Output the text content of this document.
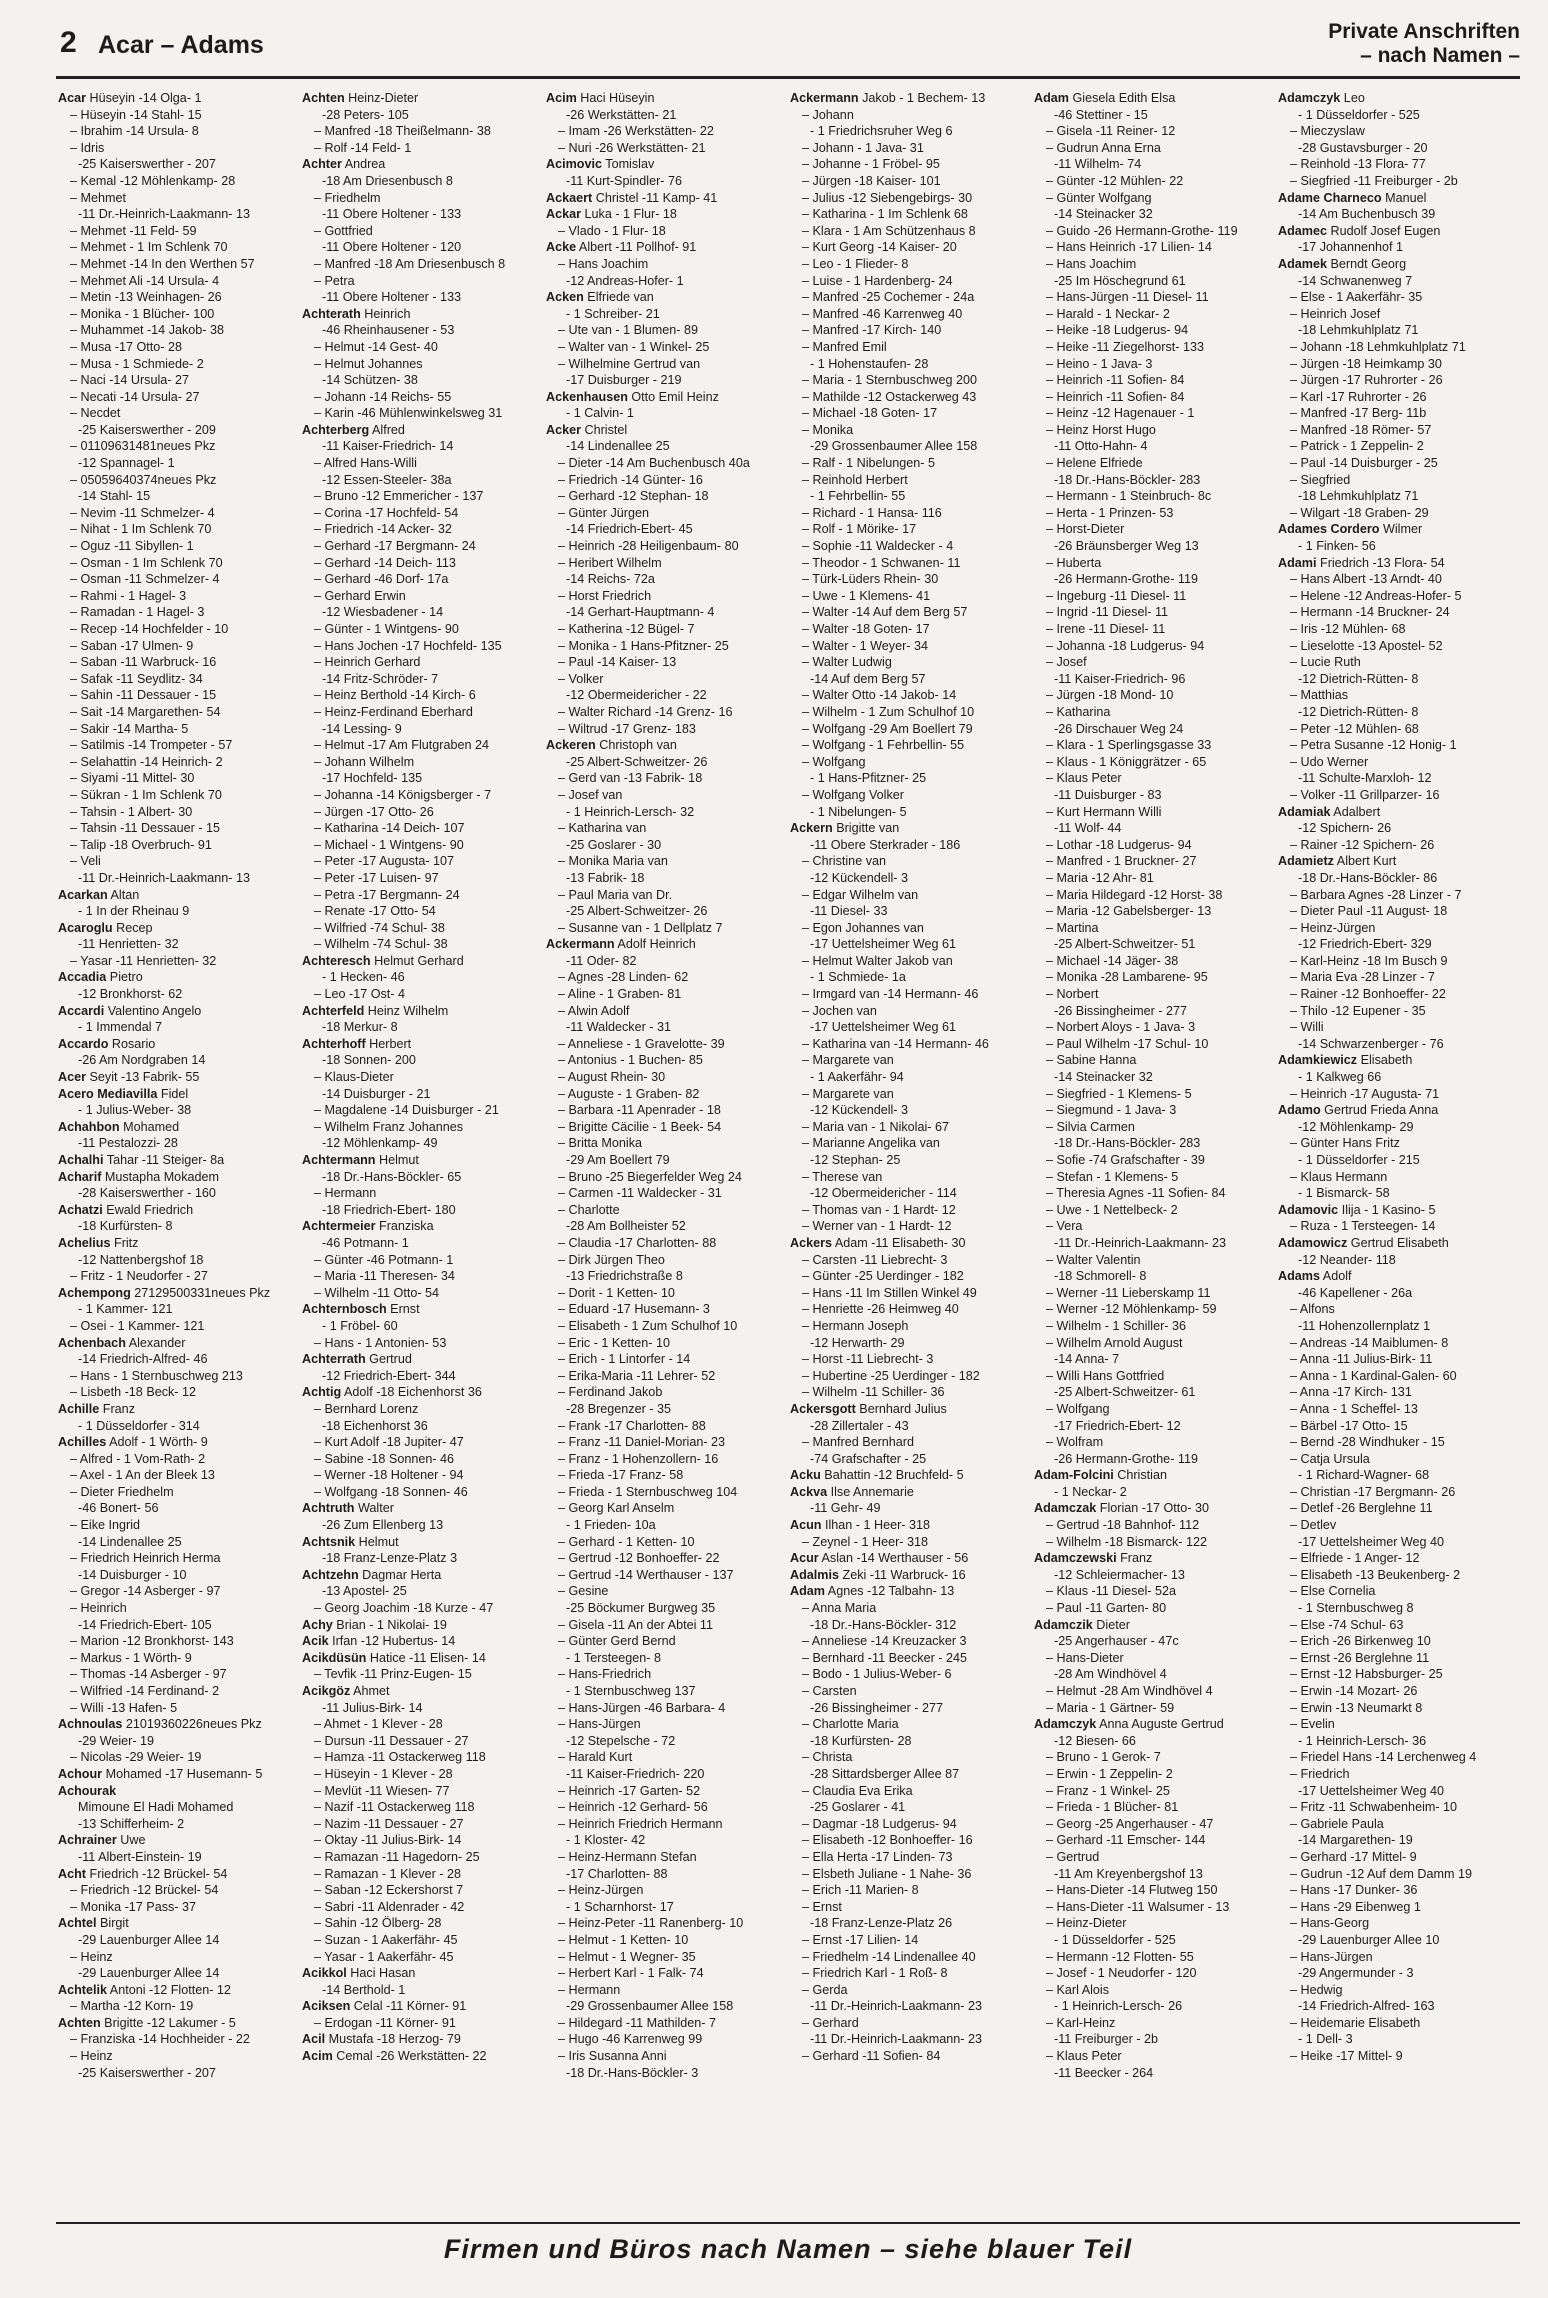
2 Acar – Adams	Private Anschriften
– nach Namen –
Acar Hüseyin -14 Olga- 1
– Hüseyin -14 Stahl- 15
– Ibrahim -14 Ursula- 8
– Idris
-25 Kaiserswerther - 207
– Kemal -12 Möhlenkamp- 28
– Mehmet
-11 Dr.-Heinrich-Laakmann- 13
– Mehmet -11 Feld- 59
– Mehmet - 1 Im Schlenk 70
– Mehmet -14 In den Werthen 57
– Mehmet Ali -14 Ursula- 4
– Metin -13 Weinhagen- 26
– Monika - 1 Blücher- 100
– Muhammet -14 Jakob- 38
– Musa -17 Otto- 28
– Musa - 1 Schmiede- 2
– Naci -14 Ursula- 27
– Necati -14 Ursula- 27
– Necdet
-25 Kaiserswerther - 209
– 01109631481neues Pkz
-12 Spannagel- 1
– 05059640374neues Pkz
-14 Stahl- 15
– Nevim -11 Schmelzer- 4
– Nihat - 1 Im Schlenk 70
– Oguz -11 Sibyllen- 1
– Osman - 1 Im Schlenk 70
– Osman -11 Schmelzer- 4
– Rahmi - 1 Hagel- 3
– Ramadan - 1 Hagel- 3
– Recep -14 Hochfelder - 10
– Saban -17 Ulmen- 9
– Saban -11 Warbruck- 16
– Safak -11 Seydlitz- 34
– Sahin -11 Dessauer - 15
– Sait -14 Margarethen- 54
– Sakir -14 Martha- 5
– Satilmis -14 Trompeter - 57
– Selahattin -14 Heinrich- 2
– Siyami -11 Mittel- 30
– Sükran - 1 Im Schlenk 70
– Tahsin - 1 Albert- 30
– Tahsin -11 Dessauer - 15
– Talip -18 Overbruch- 91
– Veli
-11 Dr.-Heinrich-Laakmann- 13
Acarkan Altan
- 1 In der Rheinau 9
Acaroglu Recep
-11 Henrietten- 32
– Yasar -11 Henrietten- 32
Accadia Pietro
-12 Bronkhorst- 62
Accardi Valentino Angelo
- 1 Immendal 7
Accardo Rosario
-26 Am Nordgraben 14
Acer Seyit -13 Fabrik- 55
Acero Mediavilla Fidel
- 1 Julius-Weber- 38
Achahbon Mohamed
-11 Pestalozzi- 28
Achalhi Tahar -11 Steiger- 8a
Acharif Mustapha Mokadem
-28 Kaiserswerther - 160
Achatzi Ewald Friedrich
-18 Kurfürsten- 8
Achelius Fritz
-12 Nattenbergshof 18
– Fritz - 1 Neudorfer - 27
Achempong 27129500331neues Pkz
- 1 Kammer- 121
– Osei - 1 Kammer- 121
Achenbach Alexander
-14 Friedrich-Alfred- 46
– Hans - 1 Sternbuschweg 213
– Lisbeth -18 Beck- 12
Achille Franz
- 1 Düsseldorfer - 314
Achilles Adolf - 1 Wörth- 9
– Alfred - 1 Vom-Rath- 2
– Axel - 1 An der Bleek 13
– Dieter Friedhelm
-46 Bonert- 56
– Eike Ingrid
-14 Lindenallee 25
– Friedrich Heinrich Herma
-14 Duisburger - 10
– Gregor -14 Asberger - 97
– Heinrich
-14 Friedrich-Ebert- 105
– Marion -12 Bronkhorst- 143
– Markus - 1 Wörth- 9
– Thomas -14 Asberger - 97
– Wilfried -14 Ferdinand- 2
– Willi -13 Hafen- 5
Achnoulas 21019360226neues Pkz
-29 Weier- 19
– Nicolas -29 Weier- 19
Achour Mohamed -17 Husemann- 5
Achourak
Mimoune El Hadi Mohamed
-13 Schifferheim- 2
Achrainer Uwe
-11 Albert-Einstein- 19
Acht Friedrich -12 Brückel- 54
– Friedrich -12 Brückel- 54
– Monika -17 Pass- 37
Achtel Birgit
-29 Lauenburger Allee 14
– Heinz
-29 Lauenburger Allee 14
Achtelik Antoni -12 Flotten- 12
– Martha -12 Korn- 19
Achten Brigitte -12 Lakumer - 5
– Franziska -14 Hochheider - 22
– Heinz
-25 Kaiserswerther - 207
Achten Heinz-Dieter
-28 Peters- 105
– Manfred -18 Theißelmann- 38
– Rolf -14 Feld- 1
Achter Andrea
-18 Am Driesenbusch 8
– Friedhelm
-11 Obere Holtener - 133
– Gottfried
-11 Obere Holtener - 120
– Manfred -18 Am Driesenbusch 8
– Petra
-11 Obere Holtener - 133
Achterath Heinrich
-46 Rheinhausener - 53
– Helmut -14 Gest- 40
– Helmut Johannes
-14 Schützen- 38
– Johann -14 Reichs- 55
– Karin -46 Mühlenwinkelsweg 31
Achterberg Alfred
-11 Kaiser-Friedrich- 14
– Alfred Hans-Willi
-12 Essen-Steeler- 38a
– Bruno -12 Emmericher - 137
– Corina -17 Hochfeld- 54
– Friedrich -14 Acker- 32
– Gerhard -17 Bergmann- 24
– Gerhard -14 Deich- 113
– Gerhard -46 Dorf- 17a
– Gerhard Erwin
-12 Wiesbadener - 14
– Günter - 1 Wintgens- 90
– Hans Jochen -17 Hochfeld- 135
– Heinrich Gerhard
-14 Fritz-Schröder- 7
– Heinz Berthold -14 Kirch- 6
– Heinz-Ferdinand Eberhard
-14 Lessing- 9
– Helmut -17 Am Flutgraben 24
– Johann Wilhelm
-17 Hochfeld- 135
– Johanna -14 Königsberger - 7
– Jürgen -17 Otto- 26
– Katharina -14 Deich- 107
– Michael - 1 Wintgens- 90
– Peter -17 Augusta- 107
– Peter -17 Luisen- 97
– Petra -17 Bergmann- 24
– Renate -17 Otto- 54
– Wilfried -74 Schul- 38
– Wilhelm -74 Schul- 38
Achteresch Helmut Gerhard
- 1 Hecken- 46
– Leo -17 Ost- 4
Achterfeld Heinz Wilhelm
-18 Merkur- 8
Achterhoff Herbert
-18 Sonnen- 200
– Klaus-Dieter
-14 Duisburger - 21
– Magdalene -14 Duisburger - 21
– Wilhelm Franz Johannes
-12 Möhlenkamp- 49
Achtermann Helmut
-18 Dr.-Hans-Böckler- 65
– Hermann
-18 Friedrich-Ebert- 180
Achtermeier Franziska
-46 Potmann- 1
– Günter -46 Potmann- 1
– Maria -11 Theresen- 34
– Wilhelm -11 Otto- 54
Achternbosch Ernst
- 1 Fröbel- 60
– Hans - 1 Antonien- 53
Achterrath Gertrud
-12 Friedrich-Ebert- 344
Achtig Adolf -18 Eichenhorst 36
– Bernhard Lorenz
-18 Eichenhorst 36
– Kurt Adolf -18 Jupiter- 47
– Sabine -18 Sonnen- 46
– Werner -18 Holtener - 94
– Wolfgang -18 Sonnen- 46
Achtruth Walter
-26 Zum Ellenberg 13
Achtsnik Helmut
-18 Franz-Lenze-Platz 3
Achtzehn Dagmar Herta
-13 Apostel- 25
– Georg Joachim -18 Kurze - 47
Achy Brian - 1 Nikolai- 19
Acik Irfan -12 Hubertus- 14
Acikdüsün Hatice -11 Elisen- 14
– Tevfik -11 Prinz-Eugen- 15
Acikgöz Ahmet
-11 Julius-Birk- 14
– Ahmet - 1 Klever - 28
– Dursun -11 Dessauer - 27
– Hamza -11 Ostackerweg 118
– Hüseyin - 1 Klever - 28
– Mevlüt -11 Wiesen- 77
– Nazif -11 Ostackerweg 118
– Nazim -11 Dessauer - 27
– Oktay -11 Julius-Birk- 14
– Ramazan -11 Hagedorn- 25
– Ramazan - 1 Klever - 28
– Saban -12 Eckershorst 7
– Sabri -11 Aldenrader - 42
– Sahin -12 Ölberg- 28
– Suzan - 1 Aakerfähr- 45
– Yasar - 1 Aakerfähr- 45
Acikkol Haci Hasan
-14 Berthold- 1
Aciksen Celal -11 Körner- 91
– Erdogan -11 Körner- 91
Acil Mustafa -18 Herzog- 79
Acim Cemal -26 Werkstätten- 22
Acim Haci Hüseyin
-26 Werkstätten- 21
– Imam -26 Werkstätten- 22
– Nuri -26 Werkstätten- 21
Acimovic Tomislav
-11 Kurt-Spindler- 76
Ackaert Christel -11 Kamp- 41
Ackar Luka - 1 Flur- 18
– Vlado - 1 Flur- 18
Acke Albert -11 Pollhof- 91
– Hans Joachim
-12 Andreas-Hofer- 1
Acken Elfriede van
- 1 Schreiber- 21
– Ute van - 1 Blumen- 89
– Walter van - 1 Winkel- 25
– Wilhelmine Gertrud van
-17 Duisburger - 219
Ackenhausen Otto Emil Heinz
- 1 Calvin- 1
Acker Christel
-14 Lindenallee 25
– Dieter -14 Am Buchenbusch 40a
– Friedrich -14 Günter- 16
– Gerhard -12 Stephan- 18
– Günter Jürgen
-14 Friedrich-Ebert- 45
– Heinrich -28 Heiligenbaum- 80
– Heribert Wilhelm
-14 Reichs- 72a
– Horst Friedrich
-14 Gerhart-Hauptmann- 4
– Katherina -12 Bügel- 7
– Monika - 1 Hans-Pfitzner- 25
– Paul -14 Kaiser- 13
– Volker
-12 Obermeidericher - 22
– Walter Richard -14 Grenz- 16
– Wiltrud -17 Grenz- 183
Ackeren Christoph van
-25 Albert-Schweitzer- 26
– Gerd van -13 Fabrik- 18
– Josef van
- 1 Heinrich-Lersch- 32
– Katharina van
-25 Goslarer - 30
– Monika Maria van
-13 Fabrik- 18
– Paul Maria van Dr.
-25 Albert-Schweitzer- 26
– Susanne van - 1 Dellplatz 7
Ackermann Adolf Heinrich
-11 Oder- 82
– Agnes -28 Linden- 62
– Aline - 1 Graben- 81
– Alwin Adolf
-11 Waldecker - 31
– Anneliese - 1 Gravelotte- 39
– Antonius - 1 Buchen- 85
– August Rhein- 30
– Auguste - 1 Graben- 82
– Barbara -11 Apenrader - 18
– Brigitte Cäcilie - 1 Beek- 54
– Britta Monika
-29 Am Boellert 79
– Bruno -25 Biegerfelder Weg 24
– Carmen -11 Waldecker - 31
– Charlotte
-28 Am Bollheister 52
– Claudia -17 Charlotten- 88
– Dirk Jürgen Theo
-13 Friedrichstraße 8
– Dorit - 1 Ketten- 10
– Eduard -17 Husemann- 3
– Elisabeth - 1 Zum Schulhof 10
– Eric - 1 Ketten- 10
– Erich - 1 Lintorfer - 14
– Erika-Maria -11 Lehrer- 52
– Ferdinand Jakob
-28 Bregenzer - 35
– Frank -17 Charlotten- 88
– Franz -11 Daniel-Morian- 23
– Franz - 1 Hohenzollern- 16
– Frieda -17 Franz- 58
– Frieda - 1 Sternbuschweg 104
– Georg Karl Anselm
- 1 Frieden- 10a
– Gerhard - 1 Ketten- 10
– Gertrud -12 Bonhoeffer- 22
– Gertrud -14 Werthauser - 137
– Gesine
-25 Böckumer Burgweg 35
– Gisela -11 An der Abtei 11
– Günter Gerd Bernd
- 1 Tersteegen- 8
– Hans-Friedrich
- 1 Sternbuschweg 137
– Hans-Jürgen -46 Barbara- 4
– Hans-Jürgen
-12 Stepelsche - 72
– Harald Kurt
-11 Kaiser-Friedrich- 220
– Heinrich -17 Garten- 52
– Heinrich -12 Gerhard- 56
– Heinrich Friedrich Hermann
- 1 Kloster- 42
– Heinz-Hermann Stefan
-17 Charlotten- 88
– Heinz-Jürgen
- 1 Scharnhorst- 17
– Heinz-Peter -11 Ranenberg- 10
– Helmut - 1 Ketten- 10
– Helmut - 1 Wegner- 35
– Herbert Karl - 1 Falk- 74
– Hermann
-29 Grossenbaumer Allee 158
– Hildegard -11 Mathilden- 7
– Hugo -46 Karrenweg 99
– Iris Susanna Anni
-18 Dr.-Hans-Böckler- 3
Ackermann Jakob - 1 Bechem- 13
– Johann
- 1 Friedrichsruher Weg 6
– Johann - 1 Java- 31
– Johanne - 1 Fröbel- 95
– Jürgen -18 Kaiser- 101
– Julius -12 Siebengebirgs- 30
– Katharina - 1 Im Schlenk 68
– Klara - 1 Am Schützenhaus 8
– Kurt Georg -14 Kaiser- 20
– Leo - 1 Flieder- 8
– Luise - 1 Hardenberg- 24
– Manfred -25 Cochemer - 24a
– Manfred -46 Karrenweg 40
– Manfred -17 Kirch- 140
– Manfred Emil
- 1 Hohenstaufen- 28
– Maria - 1 Sternbuschweg 200
– Mathilde -12 Ostackerweg 43
– Michael -18 Goten- 17
– Monika
-29 Grossenbaumer Allee 158
– Ralf - 1 Nibelungen- 5
– Reinhold Herbert
- 1 Fehrbellin- 55
– Richard - 1 Hansa- 116
– Rolf - 1 Mörike- 17
– Sophie -11 Waldecker - 4
– Theodor - 1 Schwanen- 11
– Türk-Lüders Rhein- 30
– Uwe - 1 Klemens- 41
– Walter -14 Auf dem Berg 57
– Walter -18 Goten- 17
– Walter - 1 Weyer- 34
– Walter Ludwig
-14 Auf dem Berg 57
– Walter Otto -14 Jakob- 14
– Wilhelm - 1 Zum Schulhof 10
– Wolfgang -29 Am Boellert 79
– Wolfgang - 1 Fehrbellin- 55
– Wolfgang
- 1 Hans-Pfitzner- 25
– Wolfgang Volker
- 1 Nibelungen- 5
Ackern Brigitte van
-11 Obere Sterkrader - 186
– Christine van
-12 Kückendell- 3
– Edgar Wilhelm van
-11 Diesel- 33
– Egon Johannes van
-17 Uettelsheimer Weg 61
– Helmut Walter Jakob van
- 1 Schmiede- 1a
– Irmgard van -14 Hermann- 46
– Jochen van
-17 Uettelsheimer Weg 61
– Katharina van -14 Hermann- 46
– Margarete van
- 1 Aakerfähr- 94
– Margarete van
-12 Kückendell- 3
– Maria van - 1 Nikolai- 67
– Marianne Angelika van
-12 Stephan- 25
– Therese van
-12 Obermeidericher - 114
– Thomas van - 1 Hardt- 12
– Werner van - 1 Hardt- 12
Ackers Adam -11 Elisabeth- 30
– Carsten -11 Liebrecht- 3
– Günter -25 Uerdinger - 182
– Hans -11 Im Stillen Winkel 49
– Henriette -26 Heimweg 40
– Hermann Joseph
-12 Herwarth- 29
– Horst -11 Liebrecht- 3
– Hubertine -25 Uerdinger - 182
– Wilhelm -11 Schiller- 36
Ackersgott Bernhard Julius
-28 Zillertaler - 43
– Manfred Bernhard
-74 Grafschafter - 25
Acku Bahattin -12 Bruchfeld- 5
Ackva Ilse Annemarie
-11 Gehr- 49
Acun Ilhan - 1 Heer- 318
– Zeynel - 1 Heer- 318
Acur Aslan -14 Werthauser - 56
Adalmis Zeki -11 Warbruck- 16
Adam Agnes -12 Talbahn- 13
– Anna Maria
-18 Dr.-Hans-Böckler- 312
– Anneliese -14 Kreuzacker 3
– Bernhard -11 Beecker - 245
– Bodo - 1 Julius-Weber- 6
– Carsten
-26 Bissingheimer - 277
– Charlotte Maria
-18 Kurfürsten- 28
– Christa
-28 Sittardsberger Allee 87
– Claudia Eva Erika
-25 Goslarer - 41
– Dagmar -18 Ludgerus- 94
– Elisabeth -12 Bonhoeffer- 16
– Ella Herta -17 Linden- 73
– Elsbeth Juliane - 1 Nahe- 36
– Erich -11 Marien- 8
– Ernst
-18 Franz-Lenze-Platz 26
– Ernst -17 Lilien- 14
– Friedhelm -14 Lindenallee 40
– Friedrich Karl - 1 Roß- 8
– Gerda
-11 Dr.-Heinrich-Laakmann- 23
– Gerhard
-11 Dr.-Heinrich-Laakmann- 23
– Gerhard -11 Sofien- 84
Adam Giesela Edith Elsa
-46 Stettiner - 15
– Gisela -11 Reiner- 12
– Gudrun Anna Erna
-11 Wilhelm- 74
– Günter -12 Mühlen- 22
– Günter Wolfgang
-14 Steinacker 32
– Guido -26 Hermann-Grothe- 119
– Hans Heinrich -17 Lilien- 14
– Hans Joachim
-25 Im Höschegrund 61
– Hans-Jürgen -11 Diesel- 11
– Harald - 1 Neckar- 2
– Heike -18 Ludgerus- 94
– Heike -11 Ziegelhorst- 133
– Heino - 1 Java- 3
– Heinrich -11 Sofien- 84
– Heinrich -11 Sofien- 84
– Heinz -12 Hagenauer - 1
– Heinz Horst Hugo
-11 Otto-Hahn- 4
– Helene Elfriede
-18 Dr.-Hans-Böckler- 283
– Hermann - 1 Steinbruch- 8c
– Herta - 1 Prinzen- 53
– Horst-Dieter
-26 Bräunsberger Weg 13
– Huberta
-26 Hermann-Grothe- 119
– Ingeburg -11 Diesel- 11
– Ingrid -11 Diesel- 11
– Irene -11 Diesel- 11
– Johanna -18 Ludgerus- 94
– Josef
-11 Kaiser-Friedrich- 96
– Jürgen -18 Mond- 10
– Katharina
-26 Dirschauer Weg 24
– Klara - 1 Sperlingsgasse 33
– Klaus - 1 Königgrätzer - 65
– Klaus Peter
-11 Duisburger - 83
– Kurt Hermann Willi
-11 Wolf- 44
– Lothar -18 Ludgerus- 94
– Manfred - 1 Bruckner- 27
– Maria -12 Ahr- 81
– Maria Hildegard -12 Horst- 38
– Maria -12 Gabelsberger- 13
– Martina
-25 Albert-Schweitzer- 51
– Michael -14 Jäger- 38
– Monika -28 Lambarene- 95
– Norbert
-26 Bissingheimer - 277
– Norbert Aloys - 1 Java- 3
– Paul Wilhelm -17 Schul- 10
– Sabine Hanna
-14 Steinacker 32
– Siegfried - 1 Klemens- 5
– Siegmund - 1 Java- 3
– Silvia Carmen
-18 Dr.-Hans-Böckler- 283
– Sofie -74 Grafschafter - 39
– Stefan - 1 Klemens- 5
– Theresia Agnes -11 Sofien- 84
– Uwe - 1 Nettelbeck- 2
– Vera
-11 Dr.-Heinrich-Laakmann- 23
– Walter Valentin
-18 Schmorell- 8
– Werner -11 Lieberskamp 11
– Werner -12 Möhlenkamp- 59
– Wilhelm - 1 Schiller- 36
– Wilhelm Arnold August
-14 Anna- 7
– Willi Hans Gottfried
-25 Albert-Schweitzer- 61
– Wolfgang
-17 Friedrich-Ebert- 12
– Wolfram
-26 Hermann-Grothe- 119
Adam-Folcini Christian
- 1 Neckar- 2
Adamczak Florian -17 Otto- 30
– Gertrud -18 Bahnhof- 112
– Wilhelm -18 Bismarck- 122
Adamczewski Franz
-12 Schleiermacher- 13
– Klaus -11 Diesel- 52a
– Paul -11 Garten- 80
Adamczik Dieter
-25 Angerhauser - 47c
– Hans-Dieter
-28 Am Windhövel 4
– Helmut -28 Am Windhövel 4
– Maria - 1 Gärtner- 59
Adamczyk Anna Auguste Gertrud
-12 Biesen- 66
– Bruno - 1 Gerok- 7
– Erwin - 1 Zeppelin- 2
– Franz - 1 Winkel- 25
– Frieda - 1 Blücher- 81
– Georg -25 Angerhauser - 47
– Gerhard -11 Emscher- 144
– Gertrud
-11 Am Kreyenbergshof 13
– Hans-Dieter -14 Flutweg 150
– Hans-Dieter -11 Walsumer - 13
– Heinz-Dieter
- 1 Düsseldorfer - 525
– Hermann -12 Flotten- 55
– Josef - 1 Neudorfer - 120
– Karl Alois
- 1 Heinrich-Lersch- 26
– Karl-Heinz
-11 Freiburger - 2b
– Klaus Peter
-11 Beecker - 264
Adamczyk Leo
- 1 Düsseldorfer - 525
– Mieczyslaw
-28 Gustavsburger - 20
– Reinhold -13 Flora- 77
– Siegfried -11 Freiburger - 2b
Adame Charneco Manuel
-14 Am Buchenbusch 39
Adamec Rudolf Josef Eugen
-17 Johannenhof 1
Adamek Berndt Georg
-14 Schwanenweg 7
– Else - 1 Aakerfähr- 35
– Heinrich Josef
-18 Lehmkuhlplatz 71
– Johann -18 Lehmkuhlplatz 71
– Jürgen -18 Heimkamp 30
– Jürgen -17 Ruhrorter - 26
– Karl -17 Ruhrorter - 26
– Manfred -17 Berg- 11b
– Manfred -18 Römer- 57
– Patrick - 1 Zeppelin- 2
– Paul -14 Duisburger - 25
– Siegfried
-18 Lehmkuhlplatz 71
– Wilgart -18 Graben- 29
Adames Cordero Wilmer
- 1 Finken- 56
Adami Friedrich -13 Flora- 54
– Hans Albert -13 Arndt- 40
– Helene -12 Andreas-Hofer- 5
– Hermann -14 Bruckner- 24
– Iris -12 Mühlen- 68
– Lieselotte -13 Apostel- 52
– Lucie Ruth
-12 Dietrich-Rütten- 8
– Matthias
-12 Dietrich-Rütten- 8
– Peter -12 Mühlen- 68
– Petra Susanne -12 Honig- 1
– Udo Werner
-11 Schulte-Marxloh- 12
– Volker -11 Grillparzer- 16
Adamiak Adalbert
-12 Spichern- 26
– Rainer -12 Spichern- 26
Adamietz Albert Kurt
-18 Dr.-Hans-Böckler- 86
– Barbara Agnes -28 Linzer - 7
– Dieter Paul -11 August- 18
– Heinz-Jürgen
-12 Friedrich-Ebert- 329
– Karl-Heinz -18 Im Busch 9
– Maria Eva -28 Linzer - 7
– Rainer -12 Bonhoeffer- 22
– Thilo -12 Eupener - 35
– Willi
-14 Schwarzenberger - 76
Adamkiewicz Elisabeth
- 1 Kalkweg 66
– Heinrich -17 Augusta- 71
Adamo Gertrud Frieda Anna
-12 Möhlenkamp- 29
– Günter Hans Fritz
- 1 Düsseldorfer - 215
– Klaus Hermann
- 1 Bismarck- 58
Adamovic Ilija - 1 Kasino- 5
– Ruza - 1 Tersteegen- 14
Adamowicz Gertrud Elisabeth
-12 Neander- 118
Adams Adolf
-46 Kapellener - 26a
– Alfons
-11 Hohenzollernplatz 1
– Andreas -14 Maiblumen- 8
– Anna -11 Julius-Birk- 11
– Anna - 1 Kardinal-Galen- 60
– Anna -17 Kirch- 131
– Anna - 1 Scheffel- 13
– Bärbel -17 Otto- 15
– Bernd -28 Windhuker - 15
– Catja Ursula
- 1 Richard-Wagner- 68
– Christian -17 Bergmann- 26
– Detlef -26 Berglehne 11
– Detlev
-17 Uettelsheimer Weg 40
– Elfriede - 1 Anger- 12
– Elisabeth -13 Beukenberg- 2
– Else Cornelia
- 1 Sternbuschweg 8
– Else -74 Schul- 63
– Erich -26 Birkenweg 10
– Ernst -26 Berglehne 11
– Ernst -12 Habsburger- 25
– Erwin -14 Mozart- 26
– Erwin -13 Neumarkt 8
– Evelin
- 1 Heinrich-Lersch- 36
– Friedel Hans -14 Lerchenweg 4
– Friedrich
-17 Uettelsheimer Weg 40
– Fritz -11 Schwabenheim- 10
– Gabriele Paula
-14 Margarethen- 19
– Gerhard -17 Mittel- 9
– Gudrun -12 Auf dem Damm 19
– Hans -17 Dunker- 36
– Hans -29 Eibenweg 1
– Hans-Georg
-29 Lauenburger Allee 10
– Hans-Jürgen
-29 Angermunder - 3
– Hedwig
-14 Friedrich-Alfred- 163
– Heidemarie Elisabeth
- 1 Dell- 3
– Heike -17 Mittel- 9
Firmen und Büros nach Namen – siehe blauer Teil
